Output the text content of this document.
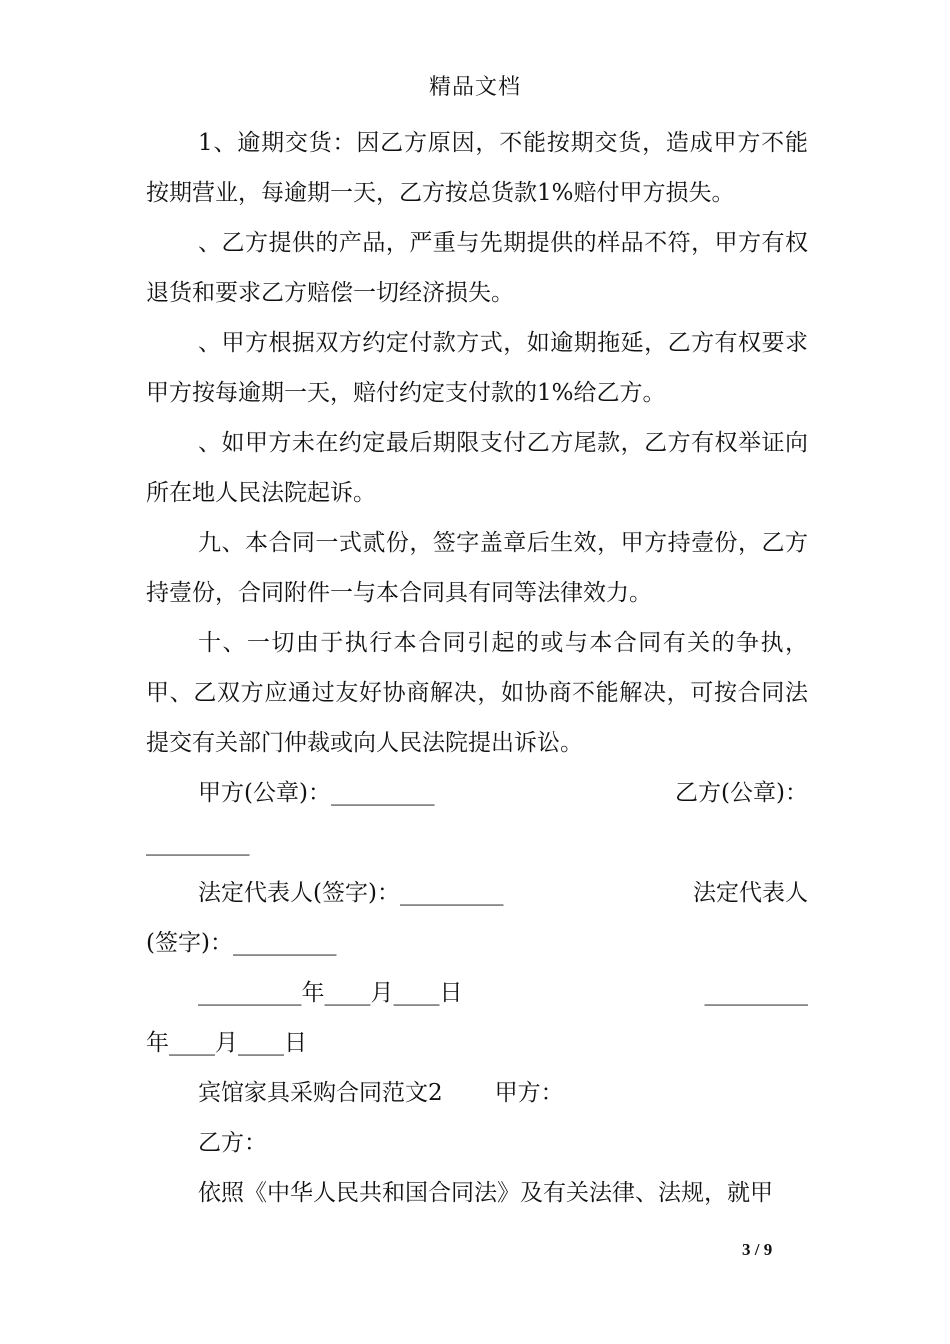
精品文档

1、逾期交货：因乙方原因，不能按期交货，造成甲方不能按期营业，每逾期一天，乙方按总货款1%赔付甲方损失。

、乙方提供的产品，严重与先期提供的样品不符，甲方有权退货和要求乙方赔偿一切经济损失。

、甲方根据双方约定付款方式，如逾期拖延，乙方有权要求甲方按每逾期一天，赔付约定支付款的1%给乙方。

、如甲方未在约定最后期限支付乙方尾款，乙方有权举证向所在地人民法院起诉。

九、本合同一式贰份，签字盖章后生效，甲方持壹份，乙方持壹份，合同附件一与本合同具有同等法律效力。

十、一切由于执行本合同引起的或与本合同有关的争执，甲、乙双方应通过友好协商解决，如协商不能解决，可按合同法提交有关部门仲裁或向人民法院提出诉讼。

甲方(公章)：_________	乙方(公章)：
_________
法定代表人(签字)：_________	法定代表人
(签字)：_________
_________年____月____日	_________
年____月____日
宾馆家具采购合同范文2 甲方：
乙方：
依照《中华人民共和国合同法》及有关法律、法规，就甲
3 / 9
